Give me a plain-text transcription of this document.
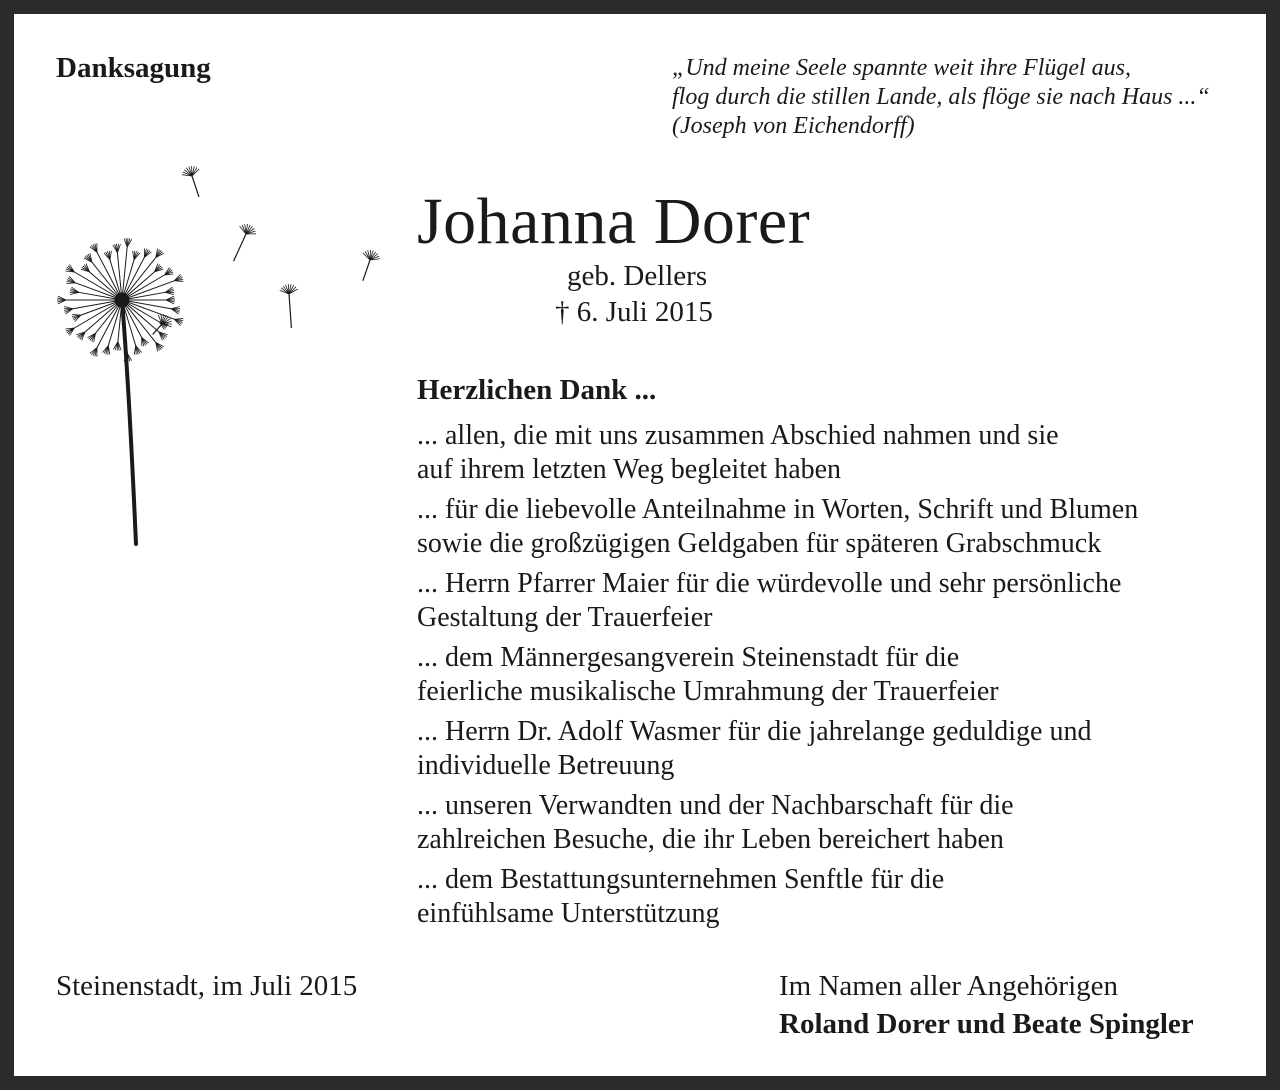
Danksagung	„Und meine Seele spannte weit ihre Flügel aus,
flog durch die stillen Lande, als flöge sie nach Haus ...“
(Joseph von Eichendorff)
Johanna Dorer
geb. Dellers
† 6. Juli 2015
Herzlichen Dank ...
... allen, die mit uns zusammen Abschied nahmen und sie
auf ihrem letzten Weg begleitet haben
... für die liebevolle Anteilnahme in Worten, Schrift und Blumen
sowie die großzügigen Geldgaben für späteren Grabschmuck
... Herrn Pfarrer Maier für die würdevolle und sehr persönliche
Gestaltung der Trauerfeier
... dem Männergesangverein Steinenstadt für die
feierliche musikalische Umrahmung der Trauerfeier
... Herrn Dr. Adolf Wasmer für die jahrelange geduldige und
individuelle Betreuung
... unseren Verwandten und der Nachbarschaft für die
zahlreichen Besuche, die ihr Leben bereichert haben
... dem Bestattungsunternehmen Senftle für die
einfühlsame Unterstützung
Steinenstadt, im Juli 2015	Im Namen aller Angehörigen
Roland Dorer und Beate Spingler
